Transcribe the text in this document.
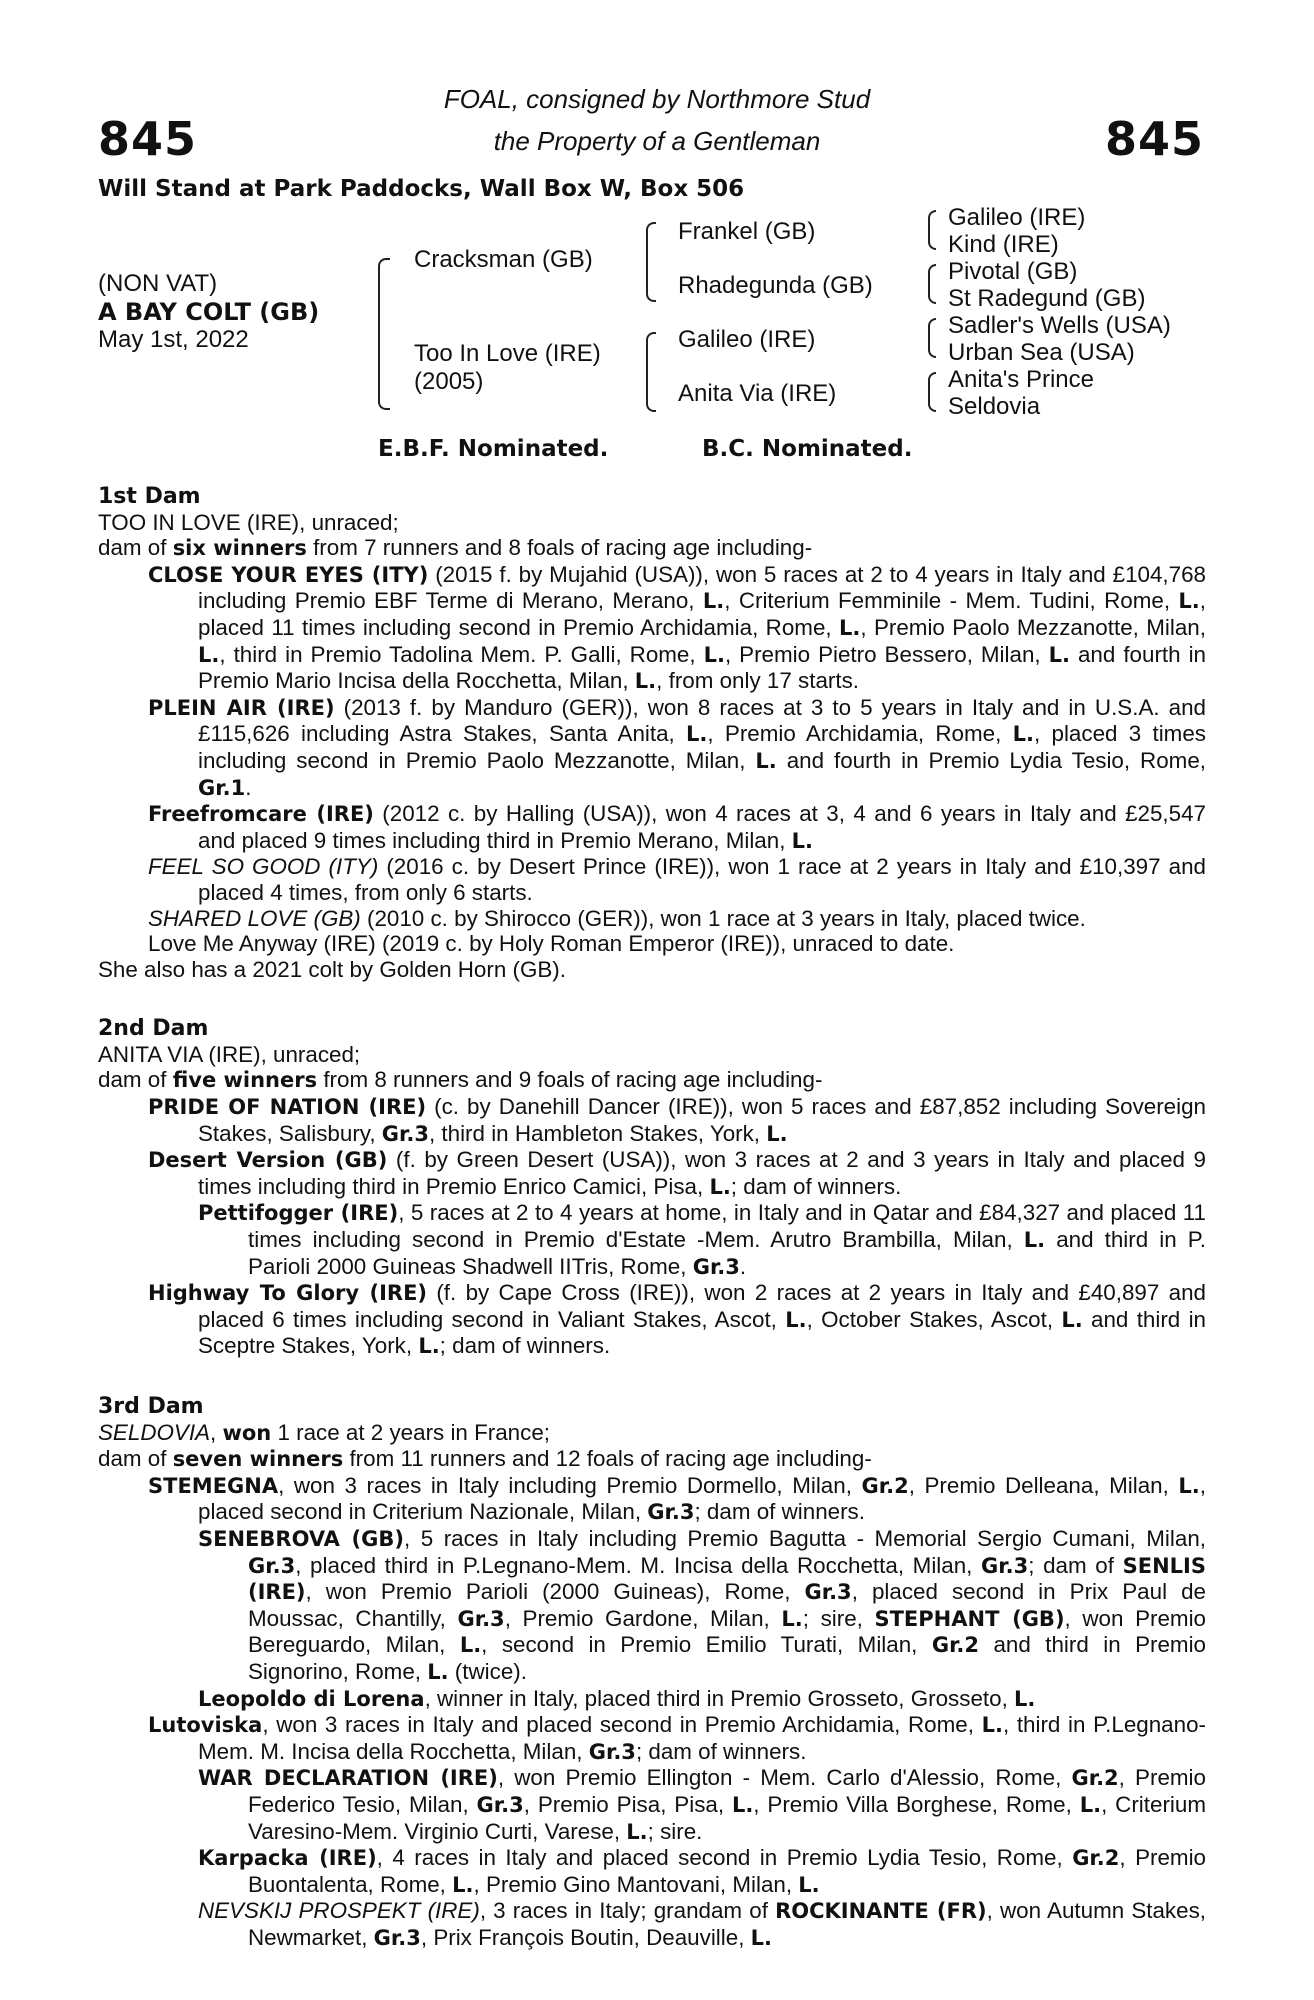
845	845
FOAL, consigned by Northmore Stud
the Property of a Gentleman
Will Stand at Park Paddocks, Wall Box W, Box 506
(NON VAT)
A BAY COLT (GB)
May 1st, 2022
Cracksman (GB)
Too In Love (IRE)
(2005)
Frankel (GB)
Rhadegunda (GB)
Galileo (IRE)
Anita Via (IRE)
Galileo (IRE)
Kind (IRE)
Pivotal (GB)
St Radegund (GB)
Sadler's Wells (USA)
Urban Sea (USA)
Anita's Prince
Seldovia
E.B.F. Nominated.	B.C. Nominated.
1st Dam
TOO IN LOVE (IRE), unraced;
dam of six winners from 7 runners and 8 foals of racing age including-
CLOSE YOUR EYES (ITY) (2015 f. by Mujahid (USA)), won 5 races at 2 to 4 years in Italy and £104,768 including Premio EBF Terme di Merano, Merano, L., Criterium Femminile - Mem. Tudini, Rome, L., placed 11 times including second in Premio Archidamia, Rome, L., Premio Paolo Mezzanotte, Milan, L., third in Premio Tadolina Mem. P. Galli, Rome, L., Premio Pietro Bessero, Milan, L. and fourth in Premio Mario Incisa della Rocchetta, Milan, L., from only 17 starts.
PLEIN AIR (IRE) (2013 f. by Manduro (GER)), won 8 races at 3 to 5 years in Italy and in U.S.A. and £115,626 including Astra Stakes, Santa Anita, L., Premio Archidamia, Rome, L., placed 3 times including second in Premio Paolo Mezzanotte, Milan, L. and fourth in Premio Lydia Tesio, Rome, Gr.1.
Freefromcare (IRE) (2012 c. by Halling (USA)), won 4 races at 3, 4 and 6 years in Italy and £25,547 and placed 9 times including third in Premio Merano, Milan, L.
FEEL SO GOOD (ITY) (2016 c. by Desert Prince (IRE)), won 1 race at 2 years in Italy and £10,397 and placed 4 times, from only 6 starts.
SHARED LOVE (GB) (2010 c. by Shirocco (GER)), won 1 race at 3 years in Italy, placed twice.
Love Me Anyway (IRE) (2019 c. by Holy Roman Emperor (IRE)), unraced to date.
She also has a 2021 colt by Golden Horn (GB).
2nd Dam
ANITA VIA (IRE), unraced;
dam of five winners from 8 runners and 9 foals of racing age including-
PRIDE OF NATION (IRE) (c. by Danehill Dancer (IRE)), won 5 races and £87,852 including Sovereign Stakes, Salisbury, Gr.3, third in Hambleton Stakes, York, L.
Desert Version (GB) (f. by Green Desert (USA)), won 3 races at 2 and 3 years in Italy and placed 9 times including third in Premio Enrico Camici, Pisa, L.; dam of winners.
Pettifogger (IRE), 5 races at 2 to 4 years at home, in Italy and in Qatar and £84,327 and placed 11 times including second in Premio d'Estate -Mem. Arutro Brambilla, Milan, L. and third in P. Parioli 2000 Guineas Shadwell IITris, Rome, Gr.3.
Highway To Glory (IRE) (f. by Cape Cross (IRE)), won 2 races at 2 years in Italy and £40,897 and placed 6 times including second in Valiant Stakes, Ascot, L., October Stakes, Ascot, L. and third in Sceptre Stakes, York, L.; dam of winners.
3rd Dam
SELDOVIA, won 1 race at 2 years in France;
dam of seven winners from 11 runners and 12 foals of racing age including-
STEMEGNA, won 3 races in Italy including Premio Dormello, Milan, Gr.2, Premio Delleana, Milan, L., placed second in Criterium Nazionale, Milan, Gr.3; dam of winners.
SENEBROVA (GB), 5 races in Italy including Premio Bagutta - Memorial Sergio Cumani, Milan, Gr.3, placed third in P.Legnano-Mem. M. Incisa della Rocchetta, Milan, Gr.3; dam of SENLIS (IRE), won Premio Parioli (2000 Guineas), Rome, Gr.3, placed second in Prix Paul de Moussac, Chantilly, Gr.3, Premio Gardone, Milan, L.; sire, STEPHANT (GB), won Premio Bereguardo, Milan, L., second in Premio Emilio Turati, Milan, Gr.2 and third in Premio Signorino, Rome, L. (twice).
Leopoldo di Lorena, winner in Italy, placed third in Premio Grosseto, Grosseto, L.
Lutoviska, won 3 races in Italy and placed second in Premio Archidamia, Rome, L., third in P.Legnano-Mem. M. Incisa della Rocchetta, Milan, Gr.3; dam of winners.
WAR DECLARATION (IRE), won Premio Ellington - Mem. Carlo d'Alessio, Rome, Gr.2, Premio Federico Tesio, Milan, Gr.3, Premio Pisa, Pisa, L., Premio Villa Borghese, Rome, L., Criterium Varesino-Mem. Virginio Curti, Varese, L.; sire.
Karpacka (IRE), 4 races in Italy and placed second in Premio Lydia Tesio, Rome, Gr.2, Premio Buontalenta, Rome, L., Premio Gino Mantovani, Milan, L.
NEVSKIJ PROSPEKT (IRE), 3 races in Italy; grandam of ROCKINANTE (FR), won Autumn Stakes, Newmarket, Gr.3, Prix François Boutin, Deauville, L.
